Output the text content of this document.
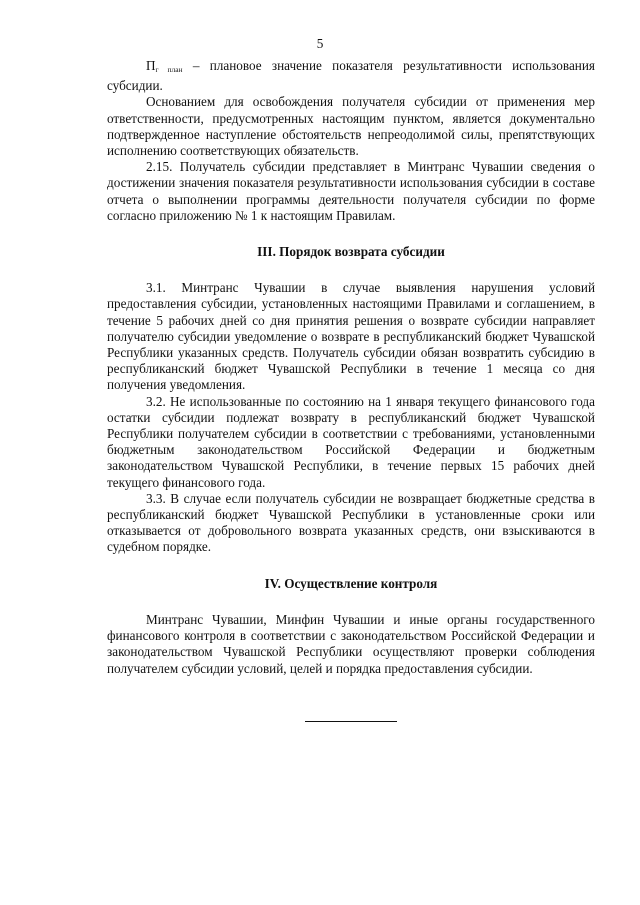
5

$П_{г план}$ – плановое значение показателя результативности использования субсидии.

Основанием для освобождения получателя субсидии от применения мер ответственности, предусмотренных настоящим пунктом, является документально подтвержденное наступление обстоятельств непреодолимой силы, препятствующих исполнению соответствующих обязательств.

2.15. Получатель субсидии представляет в Минтранс Чувашии сведения о достижении значения показателя результативности использования субсидии в составе отчета о выполнении программы деятельности получателя субсидии по форме согласно приложению № 1 к настоящим Правилам.

III. Порядок возврата субсидии

3.1. Минтранс Чувашии в случае выявления нарушения условий предоставления субсидии, установленных настоящими Правилами и соглашением, в течение 5 рабочих дней со дня принятия решения о возврате субсидии направляет получателю субсидии уведомление о возврате в республиканский бюджет Чувашской Республики указанных средств. Получатель субсидии обязан возвратить субсидию в республиканский бюджет Чувашской Республики в течение 1 месяца со дня получения уведомления.

3.2. Не использованные по состоянию на 1 января текущего финансового года остатки субсидии подлежат возврату в республиканский бюджет Чувашской Республики получателем субсидии в соответствии с требованиями, установленными бюджетным законодательством Российской Федерации и бюджетным законодательством Чувашской Республики, в течение первых 15 рабочих дней текущего финансового года.

3.3. В случае если получатель субсидии не возвращает бюджетные средства в республиканский бюджет Чувашской Республики в установленные сроки или отказывается от добровольного возврата указанных средств, они взыскиваются в судебном порядке.

IV. Осуществление контроля

Минтранс Чувашии, Минфин Чувашии и иные органы государственного финансового контроля в соответствии с законодательством Российской Федерации и законодательством Чувашской Республики осуществляют проверки соблюдения получателем субсидии условий, целей и порядка предоставления субсидии.
